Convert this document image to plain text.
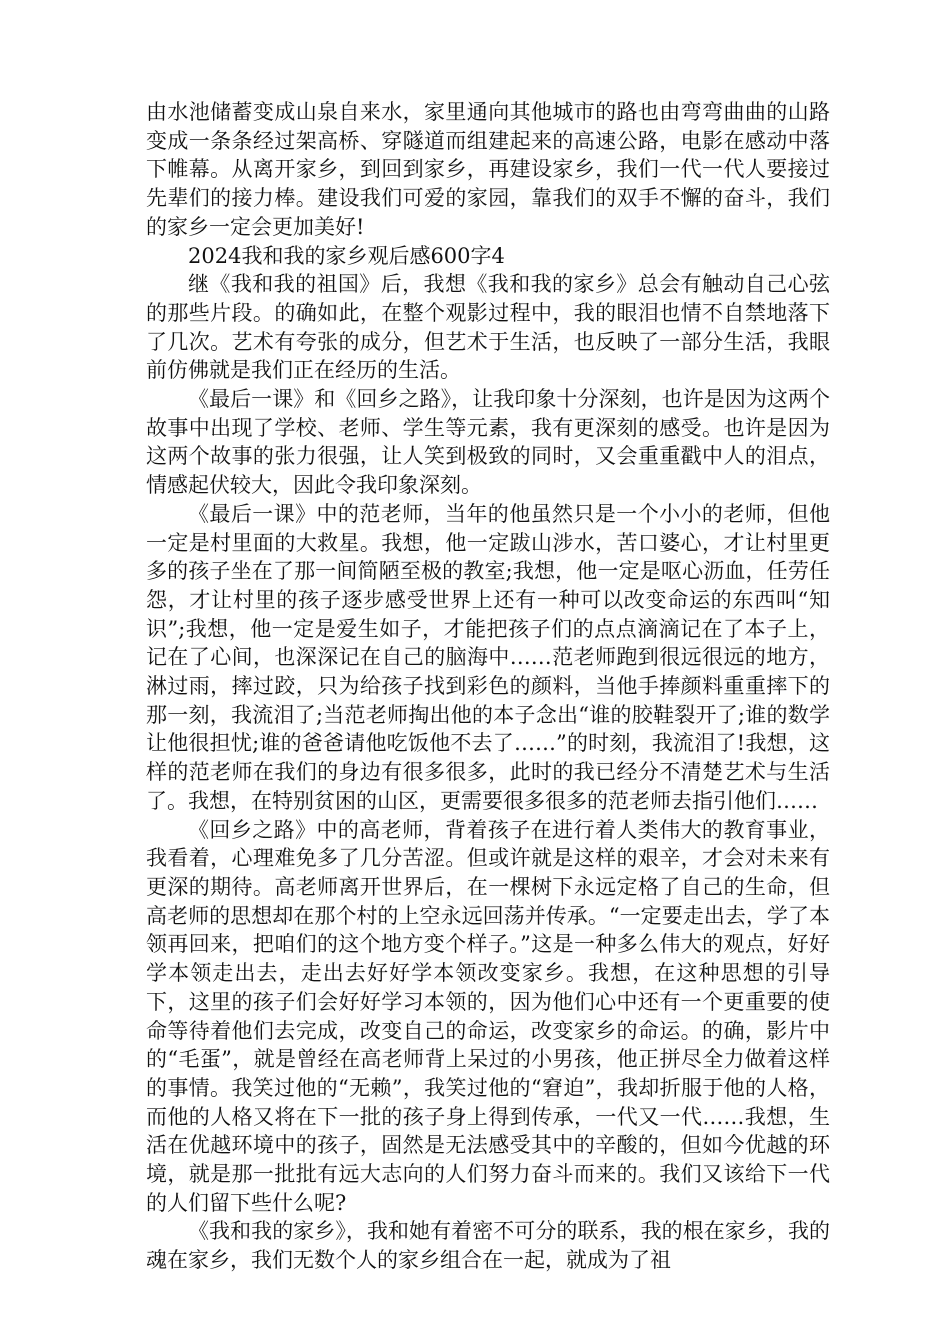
由水池储蓄变成山泉自来水，家里通向其他城市的路也由弯弯曲曲的山路变成一条条经过架高桥、穿隧道而组建起来的高速公路，电影在感动中落下帷幕。从离开家乡，到回到家乡，再建设家乡，我们一代一代人要接过先辈们的接力棒。建设我们可爱的家园，靠我们的双手不懈的奋斗，我们的家乡一定会更加美好!

2024我和我的家乡观后感600字4

继《我和我的祖国》后，我想《我和我的家乡》总会有触动自己心弦的那些片段。的确如此，在整个观影过程中，我的眼泪也情不自禁地落下了几次。艺术有夸张的成分，但艺术于生活，也反映了一部分生活，我眼前仿佛就是我们正在经历的生活。

《最后一课》和《回乡之路》，让我印象十分深刻，也许是因为这两个故事中出现了学校、老师、学生等元素，我有更深刻的感受。也许是因为这两个故事的张力很强，让人笑到极致的同时，又会重重戳中人的泪点，情感起伏较大，因此令我印象深刻。

《最后一课》中的范老师，当年的他虽然只是一个小小的老师，但他一定是村里面的大救星。我想，他一定跋山涉水，苦口婆心，才让村里更多的孩子坐在了那一间简陋至极的教室;我想，他一定是呕心沥血，任劳任怨，才让村里的孩子逐步感受世界上还有一种可以改变命运的东西叫“知识”;我想，他一定是爱生如子，才能把孩子们的点点滴滴记在了本子上，记在了心间，也深深记在自己的脑海中……范老师跑到很远很远的地方，淋过雨，摔过跤，只为给孩子找到彩色的颜料，当他手捧颜料重重摔下的那一刻，我流泪了;当范老师掏出他的本子念出“谁的胶鞋裂开了;谁的数学让他很担忧;谁的爸爸请他吃饭他不去了……”的时刻，我流泪了!我想，这样的范老师在我们的身边有很多很多，此时的我已经分不清楚艺术与生活了。我想，在特别贫困的山区，更需要很多很多的范老师去指引他们……

《回乡之路》中的高老师，背着孩子在进行着人类伟大的教育事业，我看着，心理难免多了几分苦涩。但或许就是这样的艰辛，才会对未来有更深的期待。高老师离开世界后，在一棵树下永远定格了自己的生命，但高老师的思想却在那个村的上空永远回荡并传承。“一定要走出去，学了本领再回来，把咱们的这个地方变个样子。”这是一种多么伟大的观点，好好学本领走出去，走出去好好学本领改变家乡。我想，在这种思想的引导下，这里的孩子们会好好学习本领的，因为他们心中还有一个更重要的使命等待着他们去完成，改变自己的命运，改变家乡的命运。的确，影片中的“毛蛋”，就是曾经在高老师背上呆过的小男孩，他正拼尽全力做着这样的事情。我笑过他的“无赖”，我笑过他的“窘迫”，我却折服于他的人格，而他的人格又将在下一批的孩子身上得到传承，一代又一代……我想，生活在优越环境中的孩子，固然是无法感受其中的辛酸的，但如今优越的环境，就是那一批批有远大志向的人们努力奋斗而来的。我们又该给下一代的人们留下些什么呢?

《我和我的家乡》，我和她有着密不可分的联系，我的根在家乡，我的魂在家乡，我们无数个人的家乡组合在一起，就成为了祖
